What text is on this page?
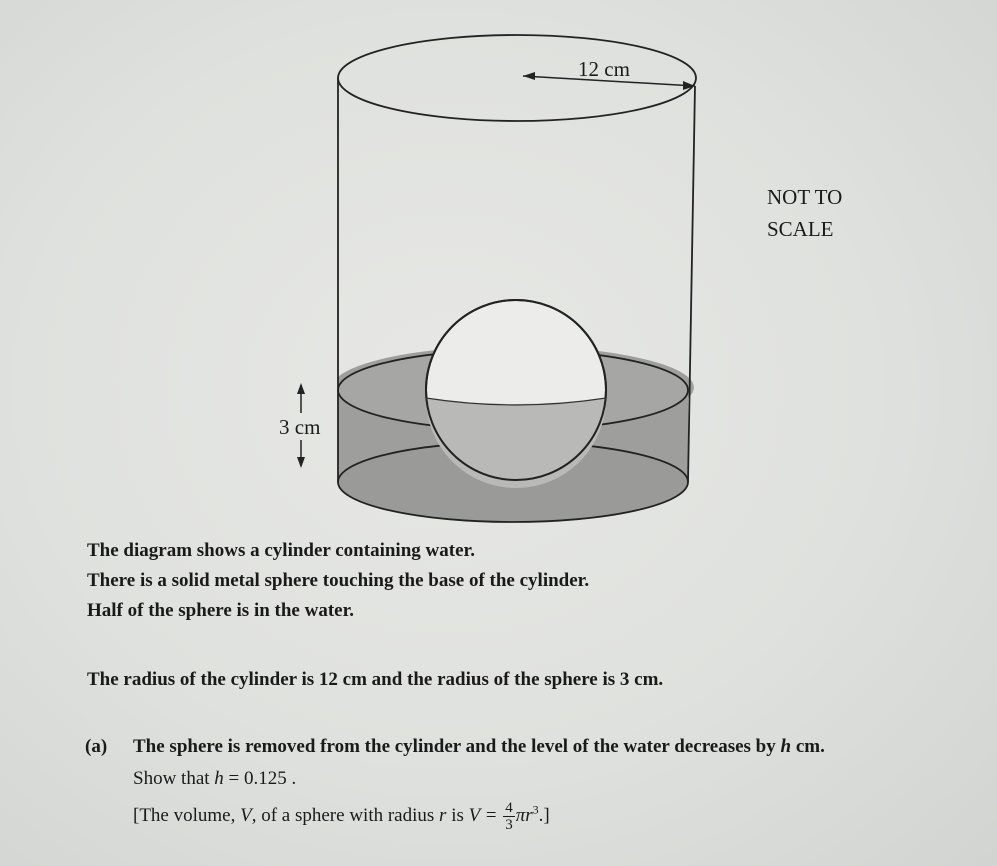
12 cm
3 cm
NOT TO
SCALE
The diagram shows a cylinder containing water.
There is a solid metal sphere touching the base of the cylinder.
Half of the sphere is in the water.
The radius of the cylinder is 12 cm and the radius of the sphere is 3 cm.
(a) The sphere is removed from the cylinder and the level of the water decreases by h cm.
Show that h = 0.125 .
[The volume, V, of a sphere with radius r is $V = \frac{4}{3} \pi r^3$.]
